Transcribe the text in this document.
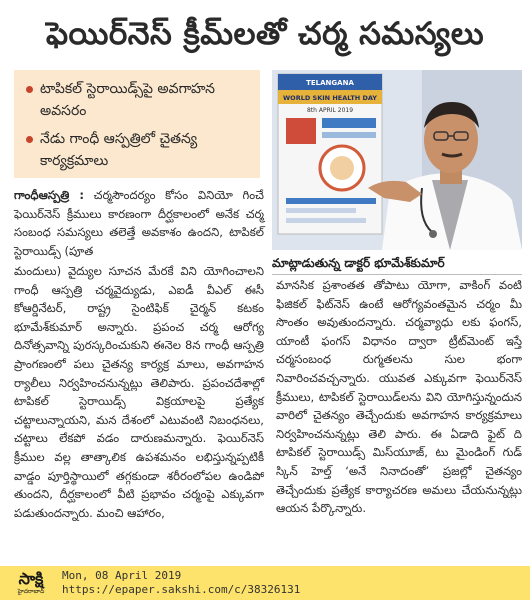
ఫెయిర్‌నెస్ క్రీమ్‌లతో చర్మ సమస్యలు
టాపికల్ స్టెరాయిడ్స్‌పై అవగాహన అవసరం
నేడు గాంధీ ఆస్పత్రిలో చైతన్య కార్యక్రమాలు
TELANGANA
WORLD SKIN HEALTH DAY
8th APRIL 2019
మాట్లాడుతున్న డాక్టర్ భూమేశ్‌కుమార్

గాంధీఆస్పత్రి : చర్మసౌందర్యం కోసం వినియో గించే ఫెయిర్‌నెస్ క్రీములు కారణంగా దీర్ఘకాలంలో అనేక చర్మ సంబంధ సమస్యలు తలెత్తే అవకాశం ఉందని, టాపికల్ స్టెరాయిడ్స్ (పూత

మందులు) వైద్యుల సూచన మేరకే విని యోగించాలని గాంధీ ఆస్పత్రి చర్మవైద్యుడు, ఎఐడీ వీఎల్ ఈసీ కోఆర్డినేటర్, రాష్ట్ర సైంటిఫిక్ చైర్మన్ కటకం భూమేశ్‌కుమార్ అన్నారు. ప్రపంచ చర్మ ఆరోగ్య దినోత్సవాన్ని పురస్కరించుకుని ఈనెల 8న గాంధీ ఆస్పత్రి ప్రాంగణంలో పలు చైతన్య కార్యక్ర మాలు, అవగాహన ర్యాలీలు నిర్వహించనున్నట్లు తెలిపారు. ప్రపంచదేశాల్లో టాపికల్ స్టెరాయిడ్స్ విక్రయాలపై ప్రత్యేక చట్టాలున్నాయని, మన దేశంలో ఎటువంటి నిబంధనలు, చట్టాలు లేకపో వడం దారుణమన్నారు. ఫెయిర్‌నెస్ క్రీముల వల్ల తాత్కాలిక ఉపశమనం లభిస్తున్నప్పటికీ వాడ్డం పూర్తిస్థాయిలో తగ్గకుండా శరీరంలోపల ఉండిపో తుందని, దీర్ఘకాలంలో వీటి ప్రభావం చర్మంపై ఎక్కువగా పడుతుందన్నారు. మంచి ఆహారం,

మానసిక ప్రశాంతత తోపాటు యోగా, వాకింగ్ వంటి ఫిజికల్ ఫిట్‌నెస్ ఉంటే ఆరోగ్యవంతమైన చర్మం మీ సొంతం అవుతుందన్నారు. చర్మవ్యాధు లకు ఫంగస్, యాంటీ ఫంగస్ విధానం ద్వారా ట్రీట్‌మెంట్ ఇస్తే చర్మసంబంధ రుగ్మతలను సుల భంగా నివారించవచ్చన్నారు. యువత ఎక్కువగా ఫెయిర్‌నెస్ క్రీములు, టాపికల్ స్టెరాయిడ్‌లను విని యోగిస్తున్నందున వారిలో చైతన్యం తెచ్చేందుకు అవగాహన కార్యక్రమాలు నిర్వహించనున్నట్లు తెలి పారు. ఈ ఏడాది ఫైట్ ది టాపికల్ స్టెరాయిడ్స్ మిస్‌యూజ్, టు మైండింగ్ గుడ్ స్కిన్ హెల్త్ ‘అనే నినాదంతో’ ప్రజల్లో చైతన్యం తెచ్చేందుకు ప్రత్యేక కార్యాచరణ అమలు చేయనున్నట్లు ఆయన పేర్కొన్నారు.

సాక్షి
హైదరాబాద్
Mon, 08 April 2019
https://epaper.sakshi.com/c/38326131
